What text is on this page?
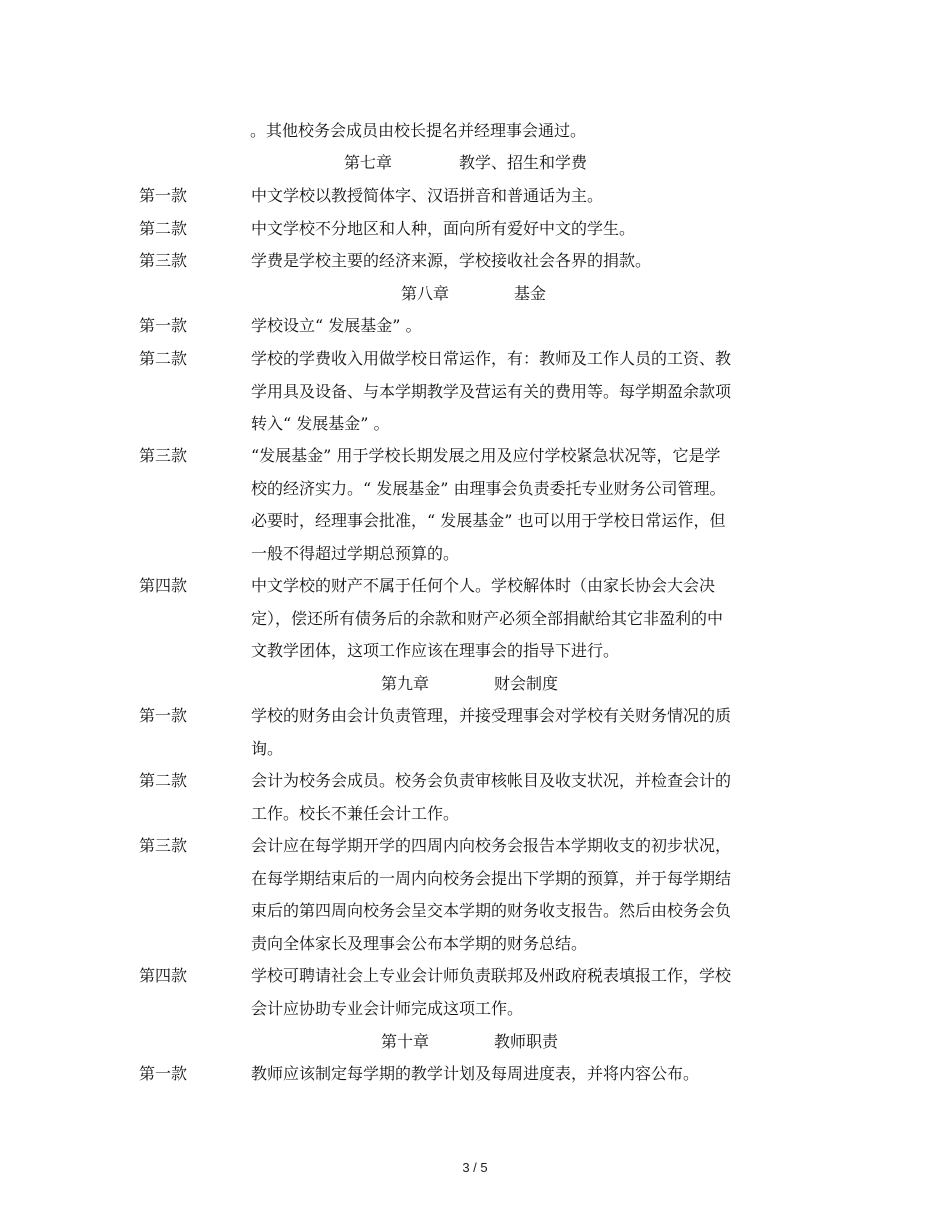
。其他校务会成员由校长提名并经理事会通过。
第七章	教学、招生和学费
第一款	中文学校以教授简体字、汉语拼音和普通话为主。
第二款	中文学校不分地区和人种，面向所有爱好中文的学生。
第三款	学费是学校主要的经济来源，学校接收社会各界的捐款。
第八章	基金
第一款	学校设立“ 发展基金” 。
第二款	学校的学费收入用做学校日常运作，有：教师及工作人员的工资、教
学用具及设备、与本学期教学及营运有关的费用等。每学期盈余款项
转入“ 发展基金” 。
第三款	“发展基金” 用于学校长期发展之用及应付学校紧急状况等，它是学
校的经济实力。“ 发展基金” 由理事会负责委托专业财务公司管理。
必要时，经理事会批准，“ 发展基金” 也可以用于学校日常运作，但
一般不得超过学期总预算的。
第四款	中文学校的财产不属于任何个人。学校解体时（由家长协会大会决
定），偿还所有债务后的余款和财产必须全部捐献给其它非盈利的中
文教学团体，这项工作应该在理事会的指导下进行。
第九章	财会制度
第一款	学校的财务由会计负责管理，并接受理事会对学校有关财务情况的质
询。
第二款	会计为校务会成员。校务会负责审核帐目及收支状况，并检查会计的
工作。校长不兼任会计工作。
第三款	会计应在每学期开学的四周内向校务会报告本学期收支的初步状况，
在每学期结束后的一周内向校务会提出下学期的预算，并于每学期结
束后的第四周向校务会呈交本学期的财务收支报告。然后由校务会负
责向全体家长及理事会公布本学期的财务总结。
第四款	学校可聘请社会上专业会计师负责联邦及州政府税表填报工作，学校
会计应协助专业会计师完成这项工作。
第十章	教师职责
第一款	教师应该制定每学期的教学计划及每周进度表，并将内容公布。
3 / 5
